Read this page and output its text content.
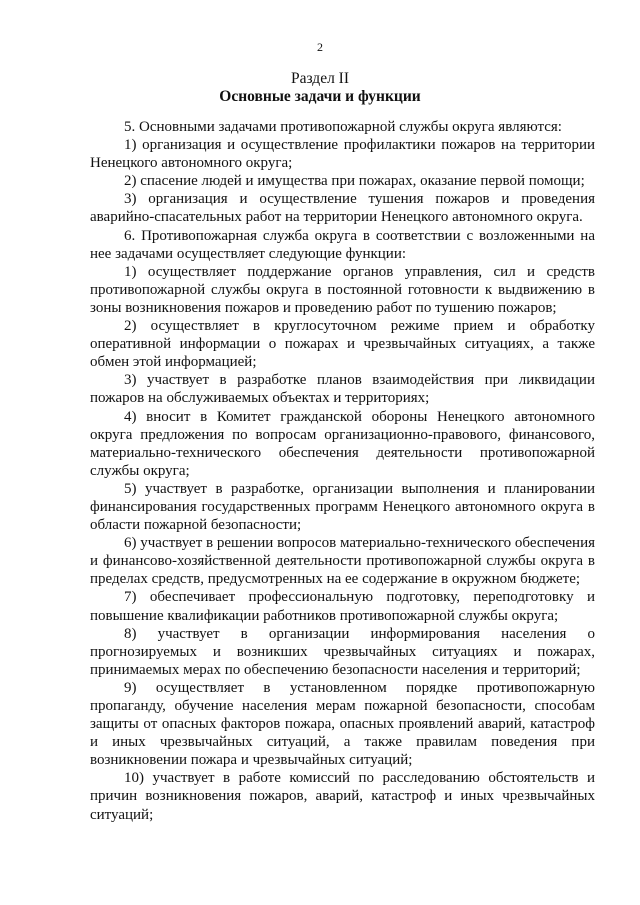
2
Раздел II
Основные задачи и функции

5. Основными задачами противопожарной службы округа являются:

1) организация и осуществление профилактики пожаров на территории Ненецкого автономного округа;

2) спасение людей и имущества при пожарах, оказание первой помощи;

3) организация и осуществление тушения пожаров и проведения аварийно-спасательных работ на территории Ненецкого автономного округа.

6. Противопожарная служба округа в соответствии с возложенными на нее задачами осуществляет следующие функции:

1) осуществляет поддержание органов управления, сил и средств противопожарной службы округа в постоянной готовности к выдвижению в зоны возникновения пожаров и проведению работ по тушению пожаров;

2) осуществляет в круглосуточном режиме прием и обработку оперативной информации о пожарах и чрезвычайных ситуациях, а также обмен этой информацией;

3) участвует в разработке планов взаимодействия при ликвидации пожаров на обслуживаемых объектах и территориях;

4) вносит в Комитет гражданской обороны Ненецкого автономного округа предложения по вопросам организационно-правового, финансового, материально-технического обеспечения деятельности противопожарной службы округа;

5) участвует в разработке, организации выполнения и планировании финансирования государственных программ Ненецкого автономного округа в области пожарной безопасности;

6) участвует в решении вопросов материально-технического обеспечения и финансово-хозяйственной деятельности противопожарной службы округа в пределах средств, предусмотренных на ее содержание в окружном бюджете;

7) обеспечивает профессиональную подготовку, переподготовку и повышение квалификации работников противопожарной службы округа;

8) участвует в организации информирования населения о прогнозируемых и возникших чрезвычайных ситуациях и пожарах, принимаемых мерах по обеспечению безопасности населения и территорий;

9) осуществляет в установленном порядке противопожарную пропаганду, обучение населения мерам пожарной безопасности, способам защиты от опасных факторов пожара, опасных проявлений аварий, катастроф и иных чрезвычайных ситуаций, а также правилам поведения при возникновении пожара и чрезвычайных ситуаций;

10) участвует в работе комиссий по расследованию обстоятельств и причин возникновения пожаров, аварий, катастроф и иных чрезвычайных ситуаций;
